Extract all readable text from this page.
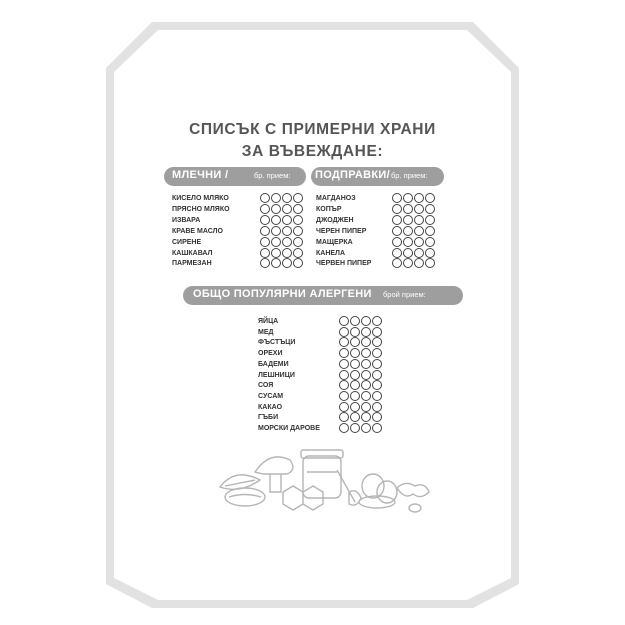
СПИСЪК С ПРИМЕРНИ ХРАНИ
ЗА ВЪВЕЖДАНЕ:
МЛЕЧНИ /	бр. прием: ПОДПРАВКИ/ бр. прием:
КИСЕЛО МЛЯКО
ПРЯСНО МЛЯКО
ИЗВАРА
КРАВЕ МАСЛО
СИРЕНЕ
КАШКАВАЛ
ПАРМЕЗАН
МАГДАНОЗ
КОПЪР
ДЖОДЖЕН
ЧЕРЕН ПИПЕР
МАЩЕРКА
КАНЕЛА
ЧЕРВЕН ПИПЕР
ОБЩО ПОПУЛЯРНИ АЛЕРГЕНИ брой прием:
ЯЙЦА
МЕД
ФЪСТЪЦИ
ОРЕХИ
БАДЕМИ
ЛЕШНИЦИ
СОЯ
СУСАМ
КАКАО
ГЪБИ
МОРСКИ ДАРОВЕ
